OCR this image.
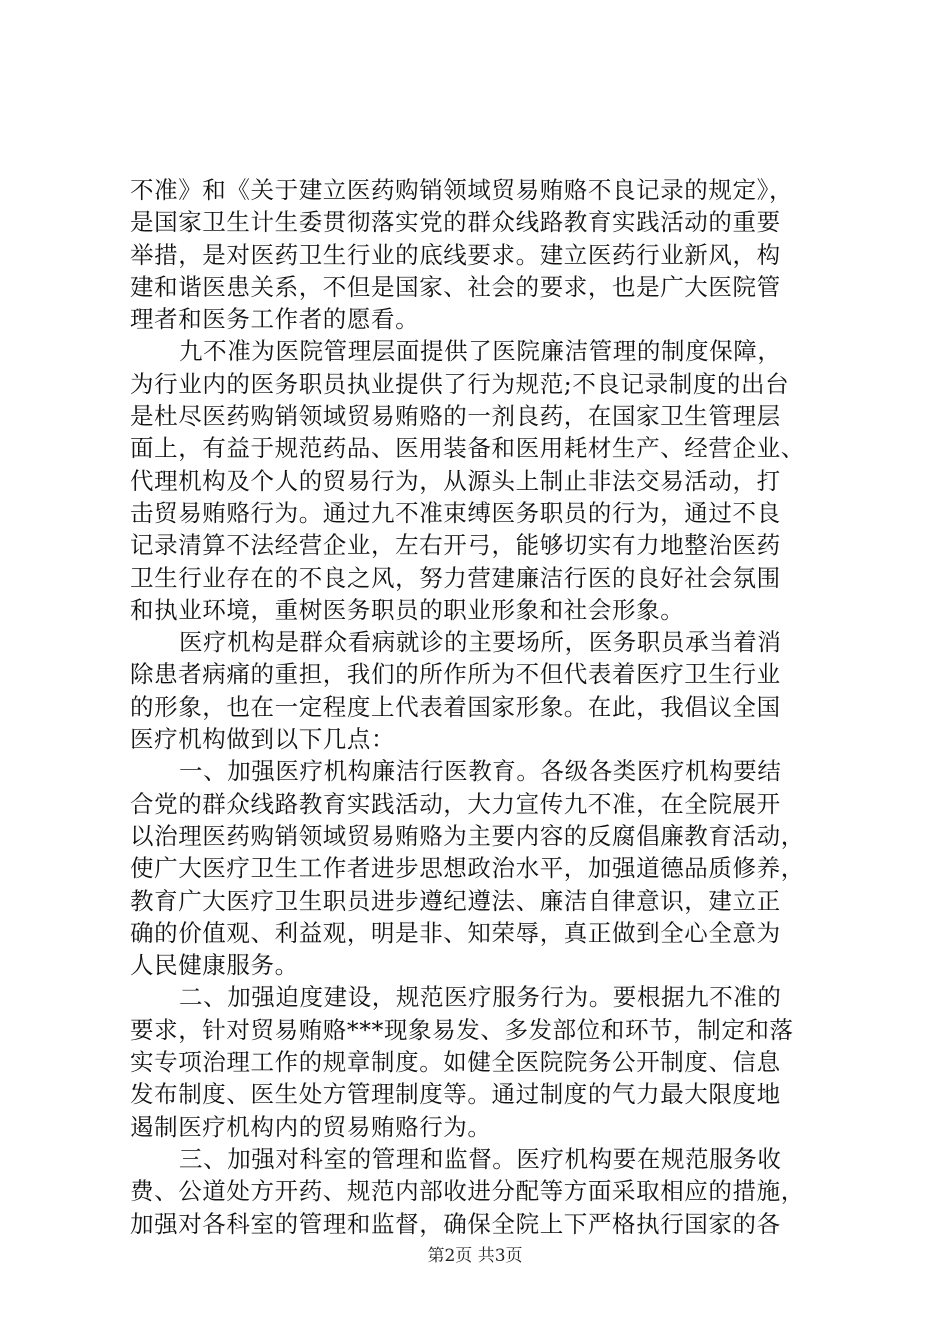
不准》和《关于建立医药购销领域贸易贿赂不良记录的规定》，
是国家卫生计生委贯彻落实党的群众线路教育实践活动的重要
举措，是对医药卫生行业的底线要求。建立医药行业新风，构
建和谐医患关系，不但是国家、社会的要求，也是广大医院管
理者和医务工作者的愿看。
九不准为医院管理层面提供了医院廉洁管理的制度保障，
为行业内的医务职员执业提供了行为规范;不良记录制度的出台
是杜尽医药购销领域贸易贿赂的一剂良药，在国家卫生管理层
面上，有益于规范药品、医用装备和医用耗材生产、经营企业、
代理机构及个人的贸易行为，从源头上制止非法交易活动，打
击贸易贿赂行为。通过九不准束缚医务职员的行为，通过不良
记录清算不法经营企业，左右开弓，能够切实有力地整治医药
卫生行业存在的不良之风，努力营建廉洁行医的良好社会氛围
和执业环境，重树医务职员的职业形象和社会形象。
医疗机构是群众看病就诊的主要场所，医务职员承当着消
除患者病痛的重担，我们的所作所为不但代表着医疗卫生行业
的形象，也在一定程度上代表着国家形象。在此，我倡议全国
医疗机构做到以下几点：
一、加强医疗机构廉洁行医教育。各级各类医疗机构要结
合党的群众线路教育实践活动，大力宣传九不准，在全院展开
以治理医药购销领域贸易贿赂为主要内容的反腐倡廉教育活动，
使广大医疗卫生工作者进步思想政治水平，加强道德品质修养，
教育广大医疗卫生职员进步遵纪遵法、廉洁自律意识，建立正
确的价值观、利益观，明是非、知荣辱，真正做到全心全意为
人民健康服务。
二、加强迫度建设，规范医疗服务行为。要根据九不准的
要求，针对贸易贿赂***现象易发、多发部位和环节，制定和落
实专项治理工作的规章制度。如健全医院院务公开制度、信息
发布制度、医生处方管理制度等。通过制度的气力最大限度地
遏制医疗机构内的贸易贿赂行为。
三、加强对科室的管理和监督。医疗机构要在规范服务收
费、公道处方开药、规范内部收进分配等方面采取相应的措施，
加强对各科室的管理和监督，确保全院上下严格执行国家的各
第2页 共3页
